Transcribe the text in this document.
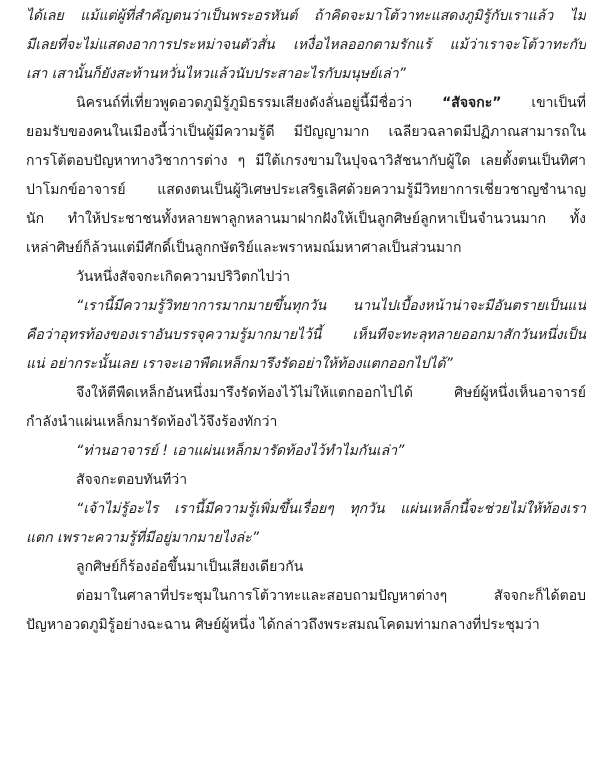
ได้เลย แม้แต่ผู้ที่สำคัญตนว่าเป็นพระอรหันต์ ถ้าคิดจะมาโต้วาทะแสดงภูมิรู้กับเราแล้ว ไม่
มีเลยที่จะไม่แสดงอาการประหม่าจนตัวสั่น เหงื่อไหลออกตามรักแร้ แม้ว่าเราจะโต้วาทะกับ
เสา เสานั้นก็ยังสะท้านหวั่นไหวแล้วนับประสาอะไรกับมนุษย์เล่า”
นิครนถ์ที่เที่ยวพูดอวดภูมิรู้ภูมิธรรมเสียงดังลั่นอยู่นี้มีชื่อว่า “สัจจกะ” เขาเป็นที่
ยอมรับของคนในเมืองนี้ว่าเป็นผู้มีความรู้ดี มีปัญญามาก เฉลียวฉลาดมีปฏิภาณสามารถใน
การโต้ตอบปัญหาทางวิชาการต่าง ๆ มีใต้เกรงขามในปุจฉาวิสัชนากับผู้ใด เลยตั้งตนเป็นทิศา
ปาโมกข์อาจารย์ แสดงตนเป็นผู้วิเศษประเสริฐเลิศด้วยความรู้มีวิทยาการเชี่ยวชาญชำนาญ
นัก ทำให้ประชาชนทั้งหลายพาลูกหลานมาฝากฝังให้เป็นลูกศิษย์ลูกหาเป็นจำนวนมาก ทั้ง
เหล่าศิษย์ก็ล้วนแต่มีศักดิ์เป็นลูกกษัตริย์และพราหมณ์มหาศาลเป็นส่วนมาก
วันหนึ่งสัจจกะเกิดความปริวิตกไปว่า
“เรานี้มีความรู้วิทยาการมากมายขึ้นทุกวัน นานไปเบื้องหน้าน่าจะมีอันตรายเป็นแน่
คือว่าอุทรท้องของเราอันบรรจุความรู้มากมายไว้นี้ เห็นทีจะทะลุทลายออกมาสักวันหนึ่งเป็น
แน่ อย่ากระนั้นเลย เราจะเอาพืดเหล็กมารึงรัดอย่าให้ท้องแตกออกไปได้”
จึงให้ตีพืดเหล็กอันหนึ่งมารึงรัดท้องไว้ไม่ให้แตกออกไปได้ ศิษย์ผู้หนึ่งเห็นอาจารย์
กำลังนำแผ่นเหล็กมารัดท้องไว้จึงร้องทักว่า
“ท่านอาจารย์ ! เอาแผ่นเหล็กมารัดท้องไว้ทำไมกันเล่า”
สัจจกะตอบทันทีว่า
“เจ้าไม่รู้อะไร เรานี้มีความรู้เพิ่มขึ้นเรื่อยๆ ทุกวัน แผ่นเหล็กนี้จะช่วยไม่ให้ท้องเรา
แตก เพราะความรู้ที่มีอยู่มากมายไงล่ะ”
ลูกศิษย์ก็ร้องอ๋อขึ้นมาเป็นเสียงเดียวกัน
ต่อมาในศาลาที่ประชุมในการโต้วาทะและสอบถามปัญหาต่างๆ สัจจกะก็ได้ตอบ
ปัญหาอวดภูมิรู้อย่างฉะฉาน ศิษย์ผู้หนึ่ง ได้กล่าวถึงพระสมณโคดมท่ามกลางที่ประชุมว่า
